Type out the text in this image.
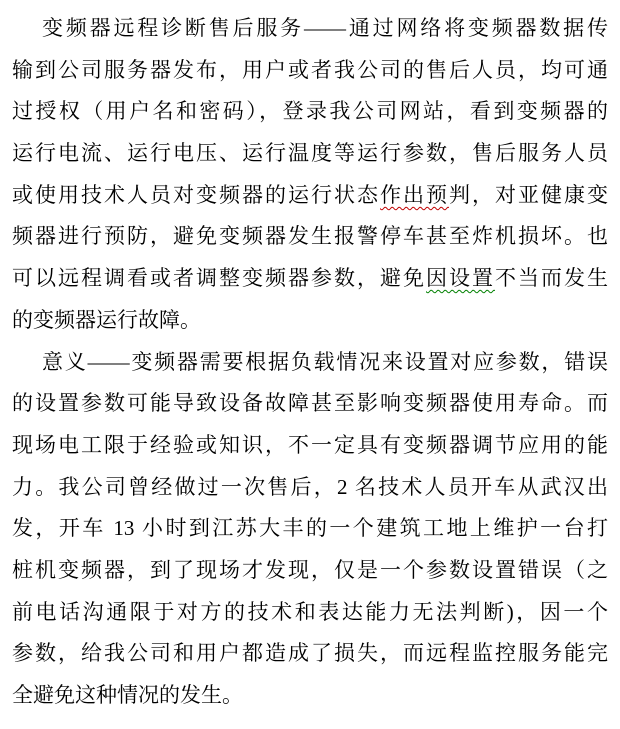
变频器远程诊断售后服务——通过网络将变频器数据传
输到公司服务器发布，用户或者我公司的售后人员，均可通
过授权（用户名和密码），登录我公司网站，看到变频器的
运行电流、运行电压、运行温度等运行参数，售后服务人员
或使用技术人员对变频器的运行状态作出预判，对亚健康变
频器进行预防，避免变频器发生报警停车甚至炸机损坏。也
可以远程调看或者调整变频器参数，避免因设置不当而发生
的变频器运行故障。
意义——变频器需要根据负载情况来设置对应参数，错误
的设置参数可能导致设备故障甚至影响变频器使用寿命。而
现场电工限于经验或知识，不一定具有变频器调节应用的能
力。我公司曾经做过一次售后，2 名技术人员开车从武汉出
发，开车 13 小时到江苏大丰的一个建筑工地上维护一台打
桩机变频器，到了现场才发现，仅是一个参数设置错误（之
前电话沟通限于对方的技术和表达能力无法判断)，因一个
参数，给我公司和用户都造成了损失，而远程监控服务能完
全避免这种情况的发生。
